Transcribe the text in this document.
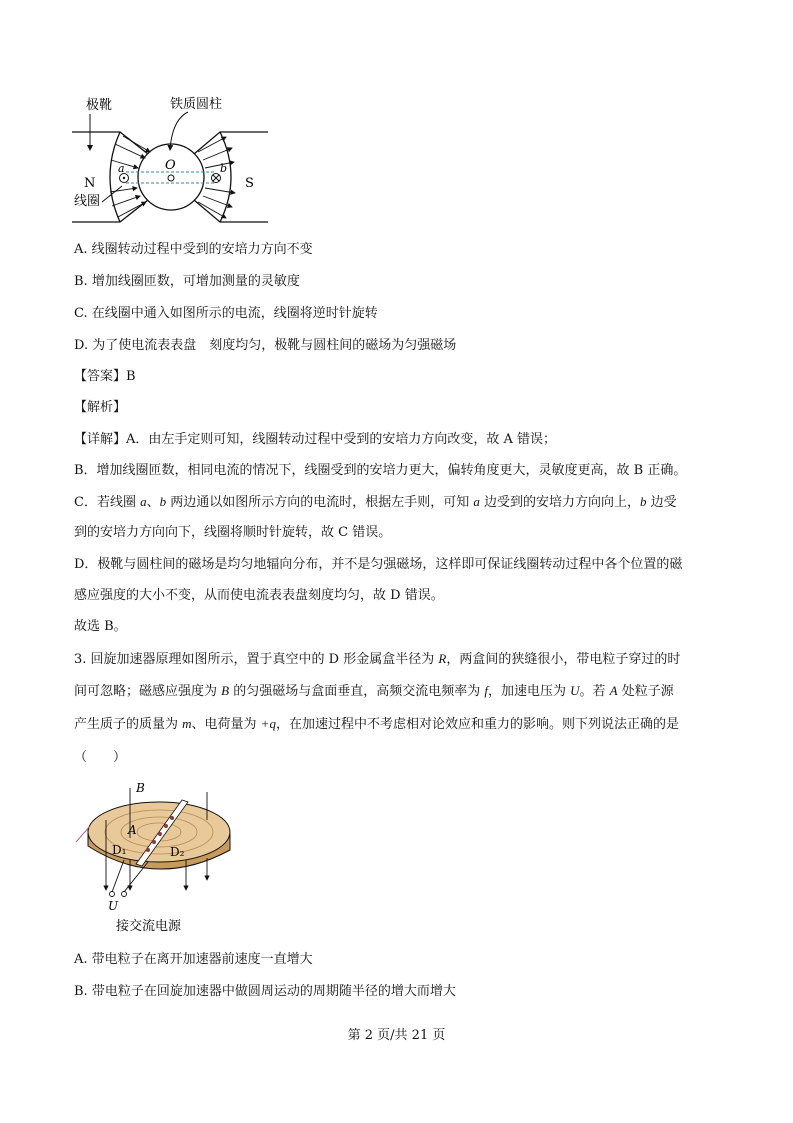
极靴	铁质圆柱
O
a	b
N	S
线圈
A. 线圈转动过程中受到的安培力方向不变
B. 增加线圈匝数，可增加测量的灵敏度
C. 在线圈中通入如图所示的电流，线圈将逆时针旋转
D. 为了使电流表表盘　刻度均匀，极靴与圆柱间的磁场为匀强磁场
【答案】B
【解析】
【详解】A．由左手定则可知，线圈转动过程中受到的安培力方向改变，故 A 错误；
B．增加线圈匝数，相同电流的情况下，线圈受到的安培力更大，偏转角度更大，灵敏度更高，故 B 正确。
C．若线圈 a、b 两边通以如图所示方向的电流时，根据左手则，可知 a 边受到的安培力方向向上，b 边受
到的安培力方向向下，线圈将顺时针旋转，故 C 错误。
D．极靴与圆柱间的磁场是均匀地辐向分布，并不是匀强磁场，这样即可保证线圈转动过程中各个位置的磁
感应强度的大小不变，从而使电流表表盘刻度均匀，故 D 错误。
故选 B。
3. 回旋加速器原理如图所示，置于真空中的 D 形金属盒半径为 R，两盒间的狭缝很小，带电粒子穿过的时
间可忽略；磁感应强度为 B 的匀强磁场与盒面垂直，高频交流电频率为 f，加速电压为 U。若 A 处粒子源
产生质子的质量为 m、电荷量为 +q，在加速过程中不考虑相对论效应和重力的影响。则下列说法正确的是
（　　）
B
A
D₁	D₂
U
接交流电源
A. 带电粒子在离开加速器前速度一直增大
B. 带电粒子在回旋加速器中做圆周运动的周期随半径的增大而增大
第 2 页/共 21 页
